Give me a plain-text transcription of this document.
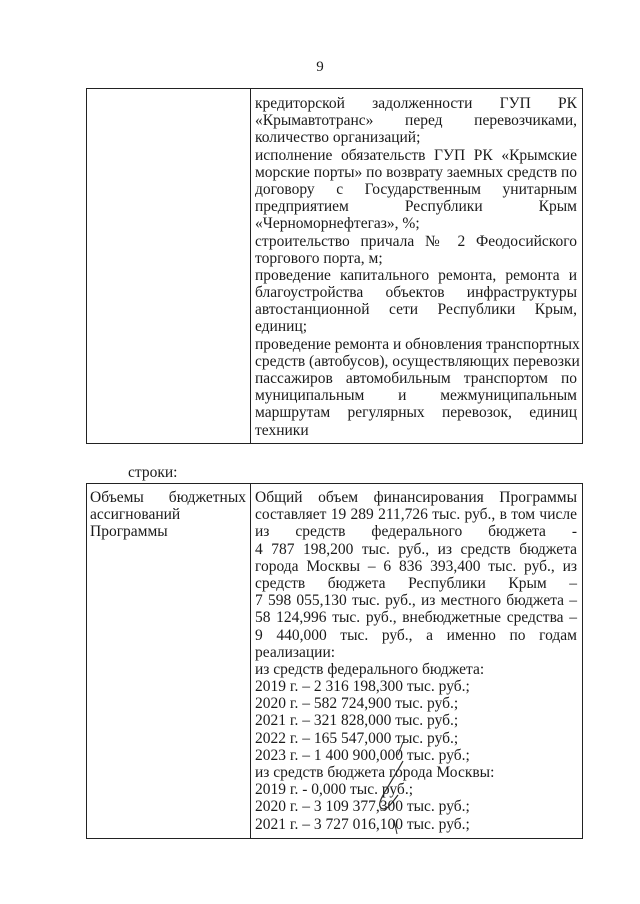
9
кредиторской задолженности ГУП РК
«Крымавтотранс» перед перевозчиками,
количество организаций;
исполнение обязательств ГУП РК «Крымские
морские порты» по возврату заемных средств по
договору с Государственным унитарным
предприятием Республики Крым
«Черноморнефтегаз», %;
строительство причала № 2 Феодосийского
торгового порта, м;
проведение капитального ремонта, ремонта и
благоустройства объектов инфраструктуры
автостанционной сети Республики Крым,
единиц;
проведение ремонта и обновления транспортных
средств (автобусов), осуществляющих перевозки
пассажиров автомобильным транспортом по
муниципальным и межмуниципальным
маршрутам регулярных перевозок, единиц
техники
строки:
Объемы бюджетных
ассигнований
Программы
Общий объем финансирования Программы
составляет 19 289 211,726 тыс. руб., в том числе
из средств федерального бюджета -
4 787 198,200 тыс. руб., из средств бюджета
города Москвы – 6 836 393,400 тыс. руб., из
средств бюджета Республики Крым –
7 598 055,130 тыс. руб., из местного бюджета –
58 124,996 тыс. руб., внебюджетные средства –
9 440,000 тыс. руб., а именно по годам
реализации:
из средств федерального бюджета:
2019 г. – 2 316 198,300 тыс. руб.;
2020 г. – 582 724,900 тыс. руб.;
2021 г. – 321 828,000 тыс. руб.;
2022 г. – 165 547,000 тыс. руб.;
2023 г. – 1 400 900,000 тыс. руб.;
из средств бюджета города Москвы:
2019 г. - 0,000 тыс. руб.;
2020 г. – 3 109 377,300 тыс. руб.;
2021 г. – 3 727 016,100 тыс. руб.;
